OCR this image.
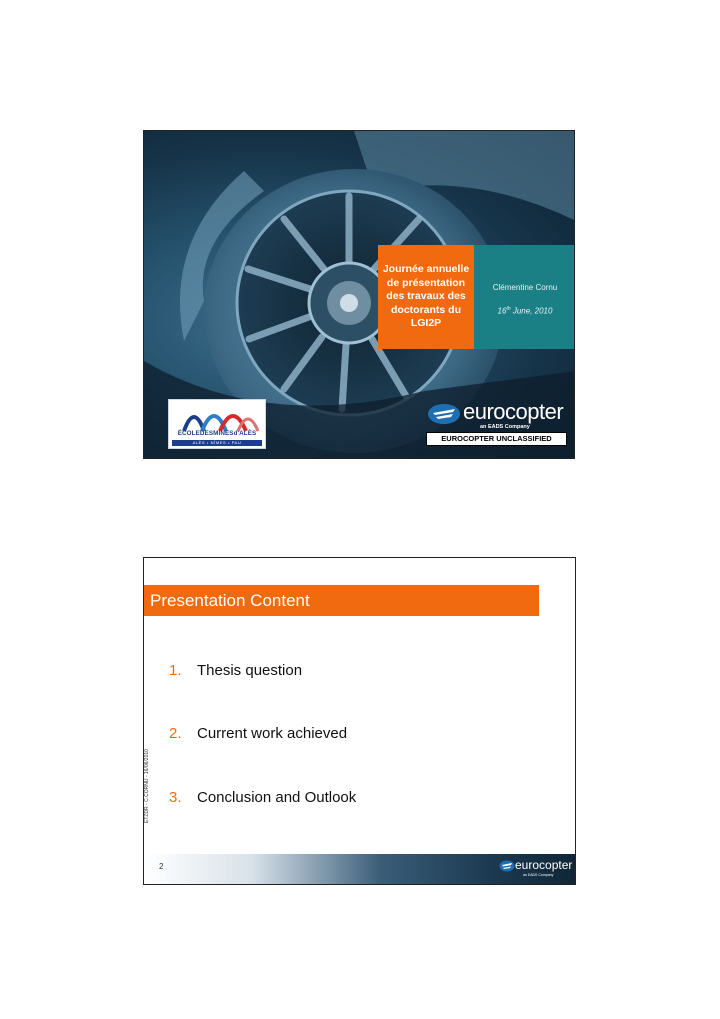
Journée annuelle de présentation des travaux des doctorants du LGI2P
Clémentine Cornu
16th June, 2010
ÉCOLEDESMINESd'ALÈS
ALÈS • NÎMES • PAU
eurocopter
an EADS Company
EUROCOPTER UNCLASSIFIED
Presentation Content
1. Thesis question
2. Current work achieved
3. Conclusion and Outlook
ETZDR - C.CORNU - 16/06/2010
2	eurocopter
an EADS Company
